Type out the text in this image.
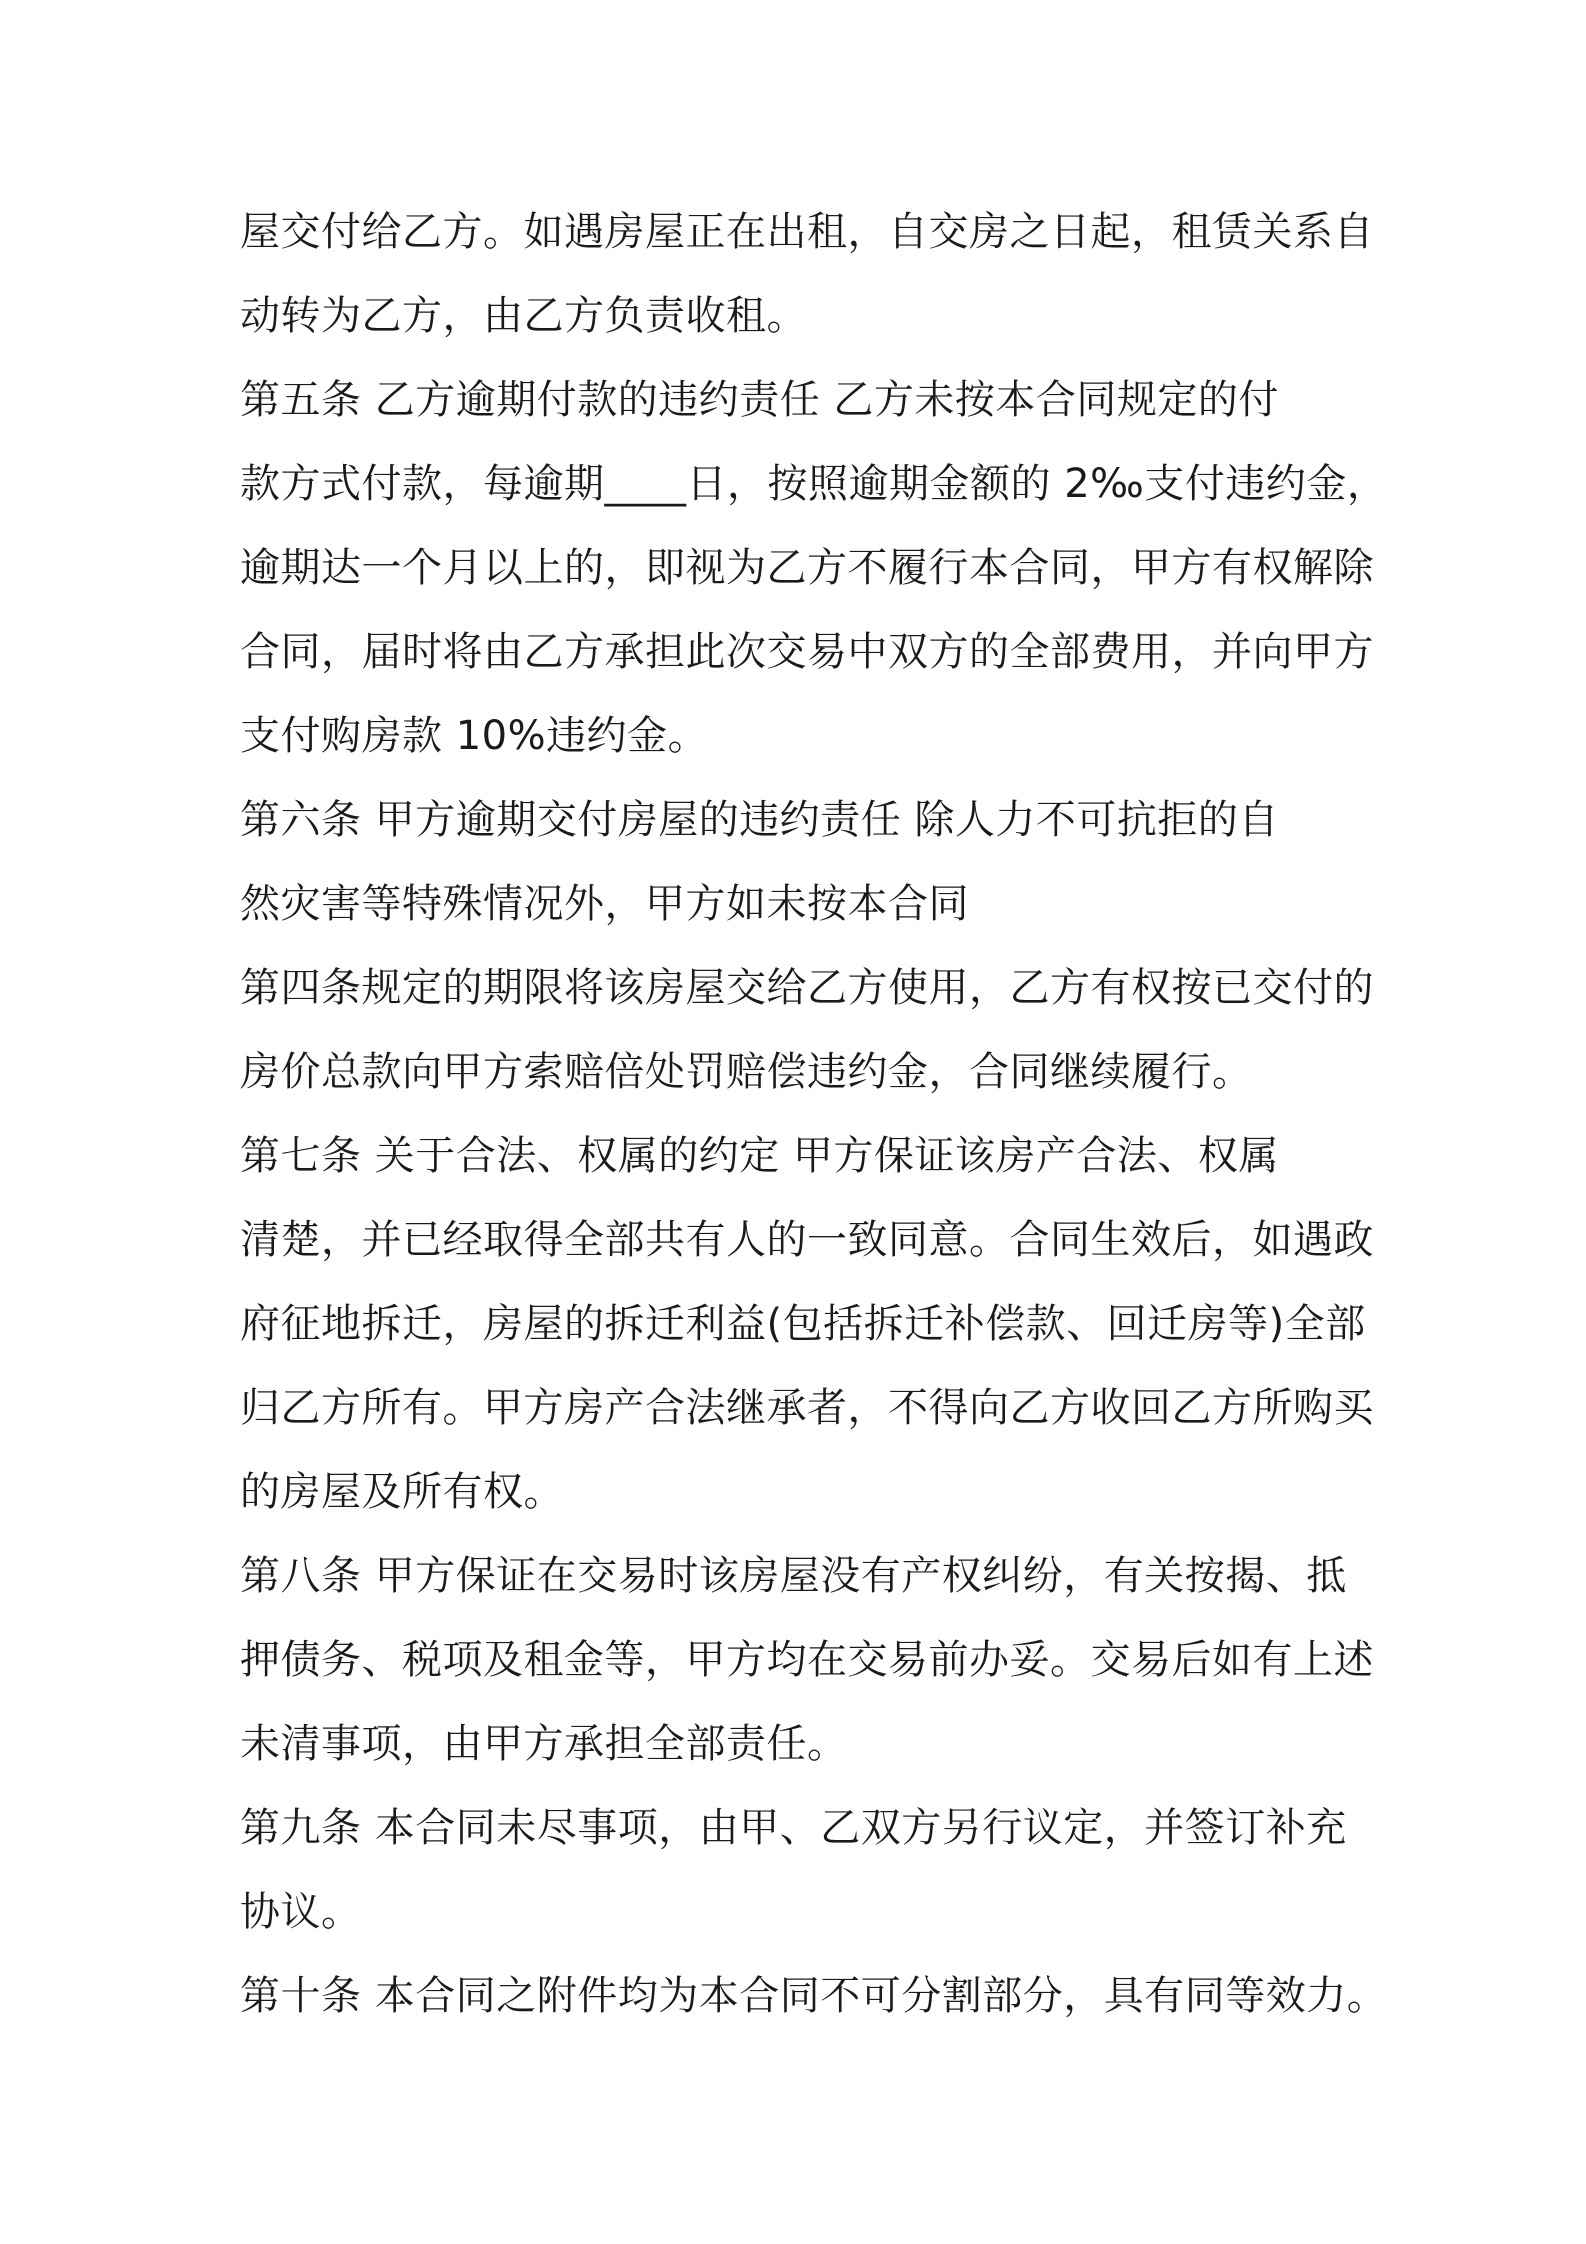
屋交付给乙方。如遇房屋正在出租，自交房之日起，租赁关系自
动转为乙方，由乙方负责收租。
第五条 乙方逾期付款的违约责任 乙方未按本合同规定的付
款方式付款，每逾期____日，按照逾期金额的 2‰支付违约金，
逾期达一个月以上的，即视为乙方不履行本合同，甲方有权解除
合同，届时将由乙方承担此次交易中双方的全部费用，并向甲方
支付购房款 10%违约金。
第六条 甲方逾期交付房屋的违约责任 除人力不可抗拒的自
然灾害等特殊情况外，甲方如未按本合同
第四条规定的期限将该房屋交给乙方使用，乙方有权按已交付的
房价总款向甲方索赔倍处罚赔偿违约金，合同继续履行。
第七条 关于合法、权属的约定 甲方保证该房产合法、权属
清楚，并已经取得全部共有人的一致同意。合同生效后，如遇政
府征地拆迁，房屋的拆迁利益(包括拆迁补偿款、回迁房等)全部
归乙方所有。甲方房产合法继承者，不得向乙方收回乙方所购买
的房屋及所有权。
第八条 甲方保证在交易时该房屋没有产权纠纷，有关按揭、抵
押债务、税项及租金等，甲方均在交易前办妥。交易后如有上述
未清事项，由甲方承担全部责任。
第九条 本合同未尽事项，由甲、乙双方另行议定，并签订补充
协议。
第十条 本合同之附件均为本合同不可分割部分，具有同等效力。
